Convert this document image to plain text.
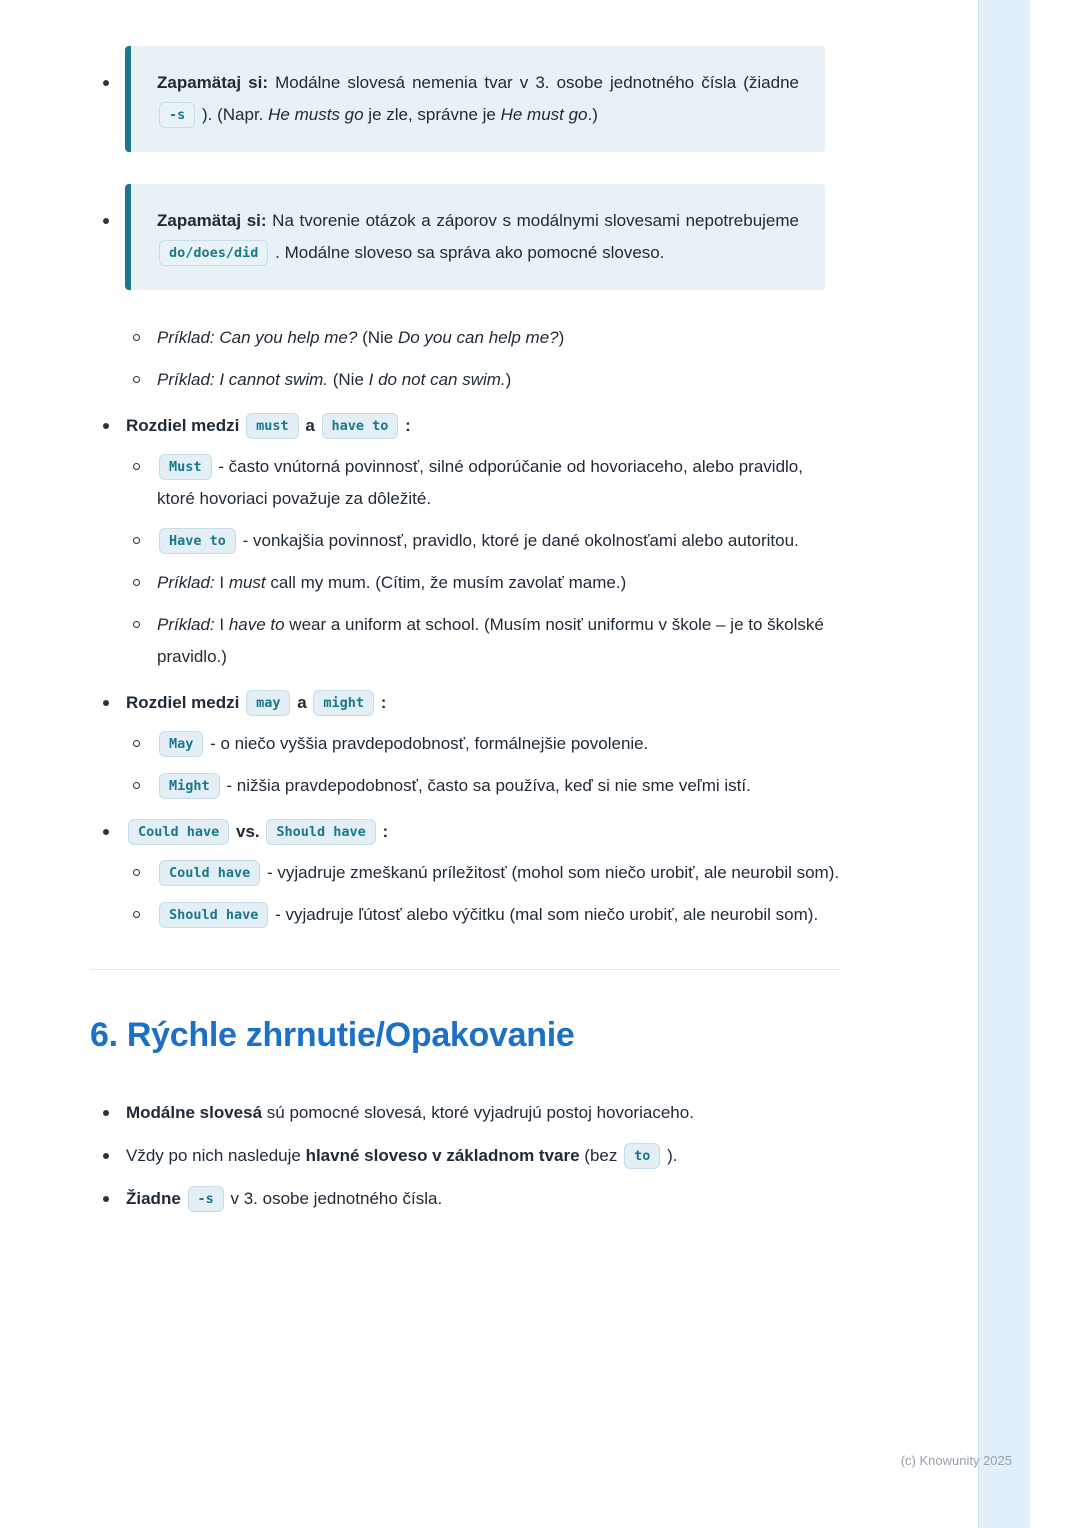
Zapamätaj si: Modálne slovesá nemenia tvar v 3. osobe jednotného čísla (žiadne -s ). (Napr. He musts go je zle, správne je He must go.)

Zapamätaj si: Na tvorenie otázok a záporov s modálnymi slovesami nepotrebujeme do/does/did . Modálne sloveso sa správa ako pomocné sloveso.

Príklad: Can you help me? (Nie Do you can help me?)

Príklad: I cannot swim. (Nie I do not can swim.)

Rozdiel medzi must a have to :

Must - často vnútorná povinnosť, silné odporúčanie od hovoriaceho, alebo pravidlo, ktoré hovoriaci považuje za dôležité.

Have to - vonkajšia povinnosť, pravidlo, ktoré je dané okolnosťami alebo autoritou.

Príklad: I must call my mum. (Cítim, že musím zavolať mame.)

Príklad: I have to wear a uniform at school. (Musím nosiť uniformu v škole – je to školské pravidlo.)

Rozdiel medzi may a might :

May - o niečo vyššia pravdepodobnosť, formálnejšie povolenie.

Might - nižšia pravdepodobnosť, často sa používa, keď si nie sme veľmi istí.

Could have vs. Should have :

Could have - vyjadruje zmeškanú príležitosť (mohol som niečo urobiť, ale neurobil som).

Should have - vyjadruje ľútosť alebo výčitku (mal som niečo urobiť, ale neurobil som).

6. Rýchle zhrnutie/Opakovanie

Modálne slovesá sú pomocné slovesá, ktoré vyjadrujú postoj hovoriaceho.

Vždy po nich nasleduje hlavné sloveso v základnom tvare (bez to ).

Žiadne -s v 3. osobe jednotného čísla.

(c) Knowunity 2025
